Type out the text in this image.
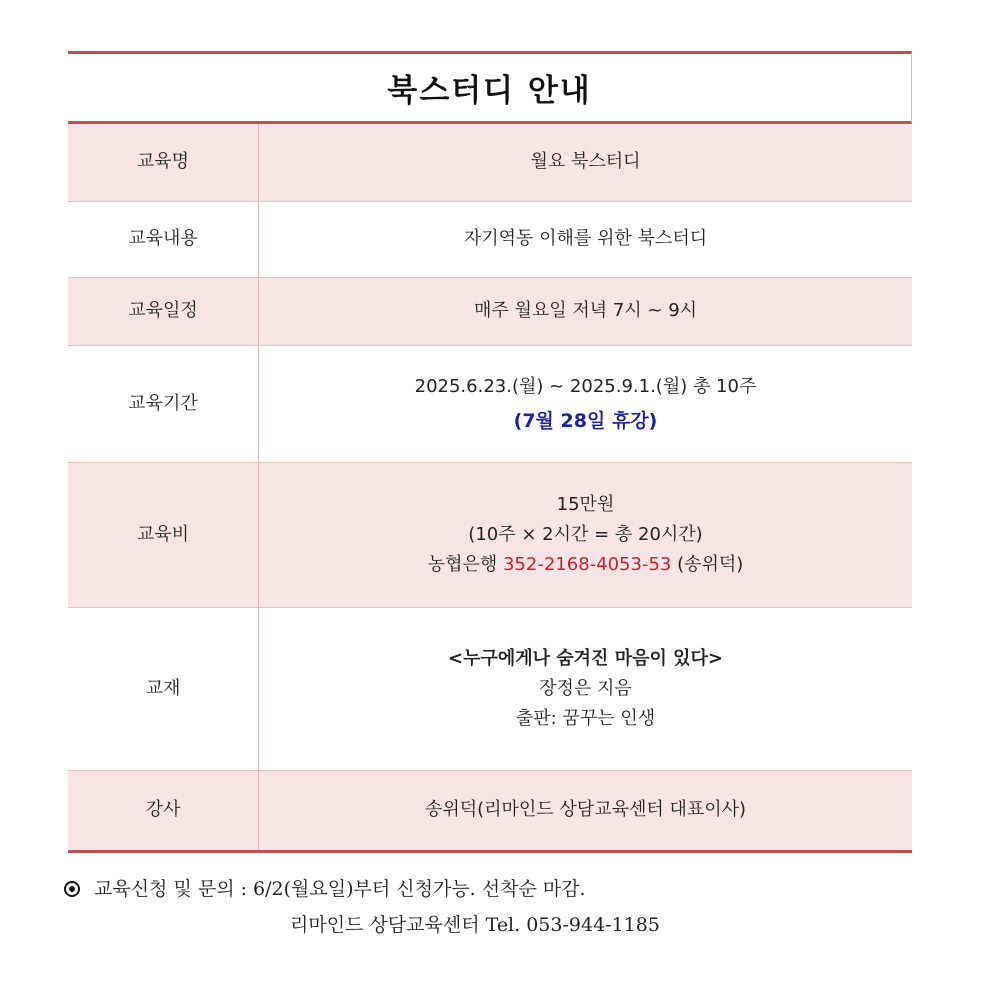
북스터디 안내
교육명	월요 북스터디
교육내용	자기역동 이해를 위한 북스터디
교육일정	매주 월요일 저녁 7시 ~ 9시
교육기간	2025.6.23.(월) ~ 2025.9.1.(월) 총 10주
(7월 28일 휴강)

교육비	15만원
(10주 × 2시간 = 총 20시간)
농협은행 352-2168-4053-53 (송위덕)

교재	<누구에게나 숨겨진 마음이 있다>
장정은 지음
출판: 꿈꾸는 인생

강사	송위덕(리마인드 상담교육센터 대표이사)
교육신청 및 문의 : 6/2(월요일)부터 신청가능. 선착순 마감.
리마인드 상담교육센터 Tel. 053-944-1185
